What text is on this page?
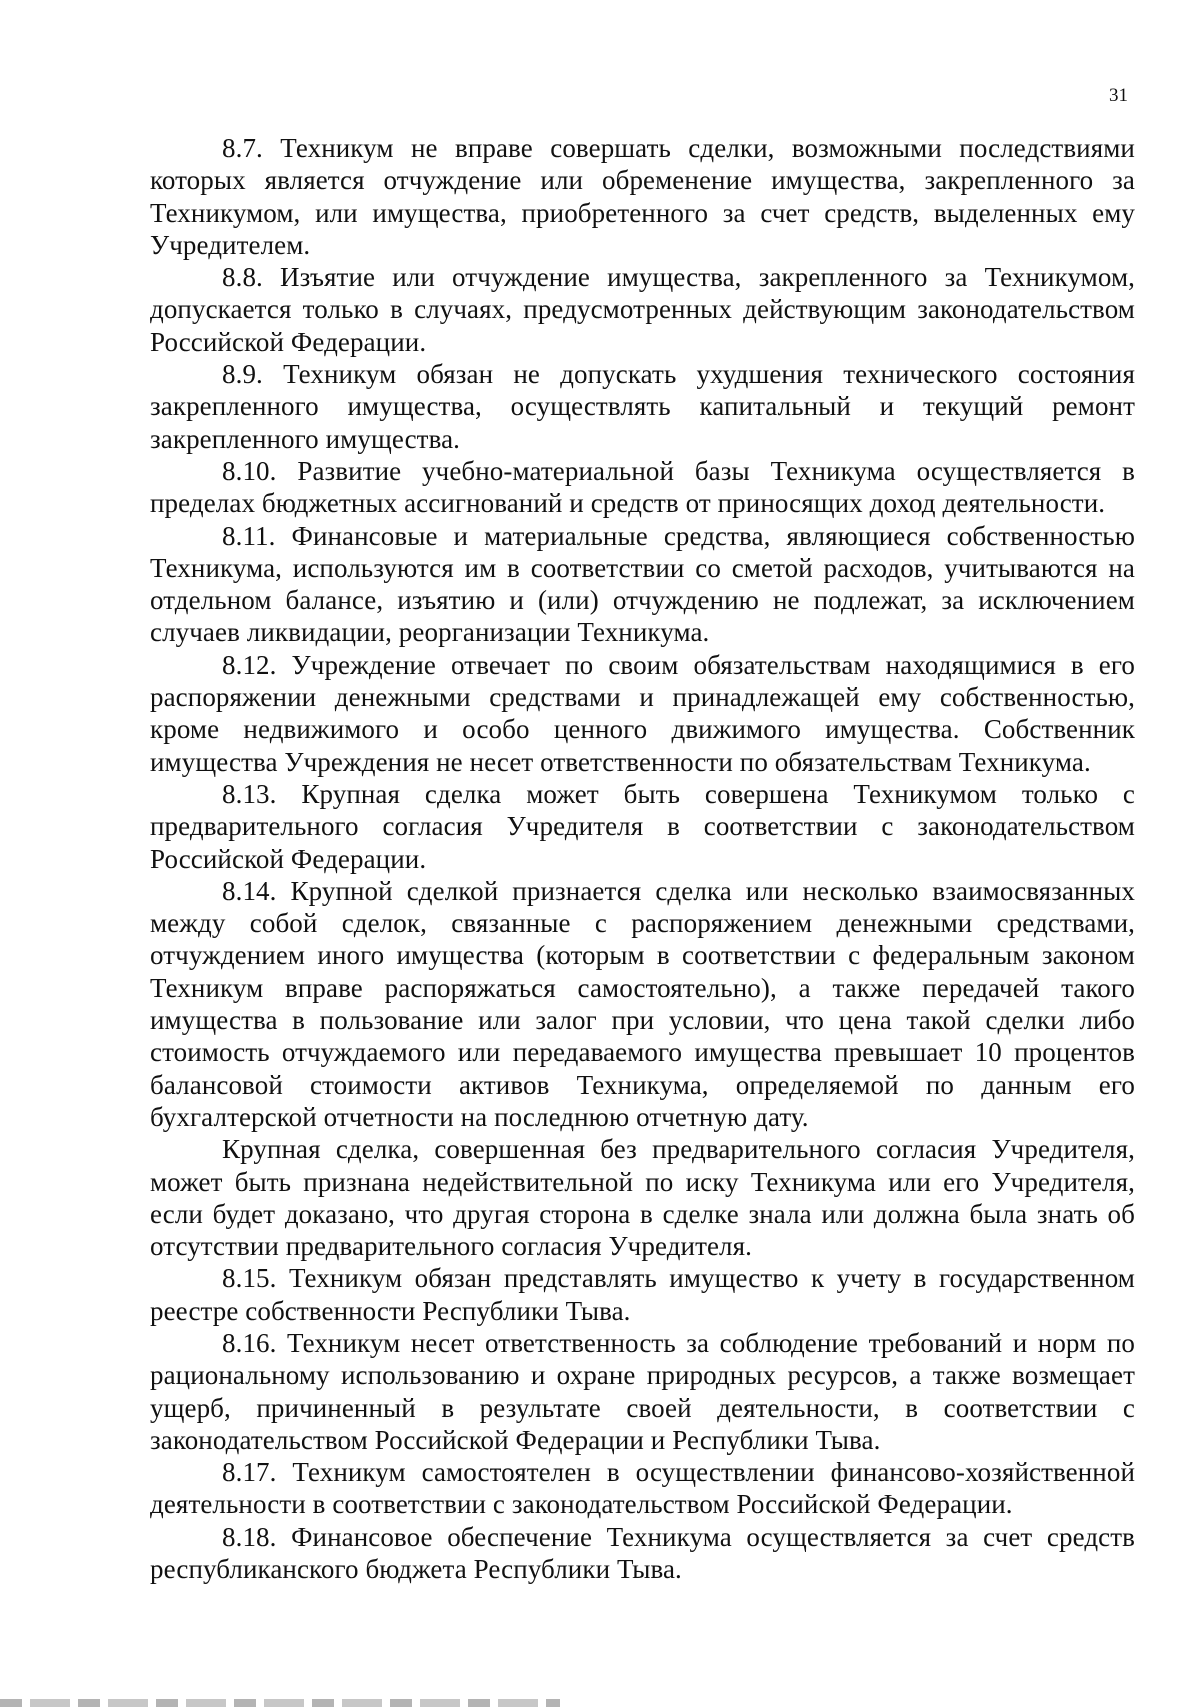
31

8.7. Техникум не вправе совершать сделки, возможными последствиями которых является отчуждение или обременение имущества, закрепленного за Техникумом, или имущества, приобретенного за счет средств, выделенных ему Учредителем.

8.8. Изъятие или отчуждение имущества, закрепленного за Техникумом, допускается только в случаях, предусмотренных действующим законодательством Российской Федерации.

8.9. Техникум обязан не допускать ухудшения технического состояния закрепленного имущества, осуществлять капитальный и текущий ремонт закрепленного имущества.

8.10. Развитие учебно-материальной базы Техникума осуществляется в пределах бюджетных ассигнований и средств от приносящих доход деятельности.

8.11. Финансовые и материальные средства, являющиеся собственностью Техникума, используются им в соответствии со сметой расходов, учитываются на отдельном балансе, изъятию и (или) отчуждению не подлежат, за исключением случаев ликвидации, реорганизации Техникума.

8.12. Учреждение отвечает по своим обязательствам находящимися в его распоряжении денежными средствами и принадлежащей ему собственностью, кроме недвижимого и особо ценного движимого имущества. Собственник имущества Учреждения не несет ответственности по обязательствам Техникума.

8.13. Крупная сделка может быть совершена Техникумом только с предварительного согласия Учредителя в соответствии с законодательством Российской Федерации.

8.14. Крупной сделкой признается сделка или несколько взаимосвязанных между собой сделок, связанные с распоряжением денежными средствами, отчуждением иного имущества (которым в соответствии с федеральным законом Техникум вправе распоряжаться самостоятельно), а также передачей такого имущества в пользование или залог при условии, что цена такой сделки либо стоимость отчуждаемого или передаваемого имущества превышает 10 процентов балансовой стоимости активов Техникума, определяемой по данным его бухгалтерской отчетности на последнюю отчетную дату.

Крупная сделка, совершенная без предварительного согласия Учредителя, может быть признана недействительной по иску Техникума или его Учредителя, если будет доказано, что другая сторона в сделке знала или должна была знать об отсутствии предварительного согласия Учредителя.

8.15. Техникум обязан представлять имущество к учету в государственном реестре собственности Республики Тыва.

8.16. Техникум несет ответственность за соблюдение требований и норм по рациональному использованию и охране природных ресурсов, а также возмещает ущерб, причиненный в результате своей деятельности, в соответствии с законодательством Российской Федерации и Республики Тыва.

8.17. Техникум самостоятелен в осуществлении финансово-хозяйственной деятельности в соответствии с законодательством Российской Федерации.

8.18. Финансовое обеспечение Техникума осуществляется за счет средств республиканского бюджета Республики Тыва.
